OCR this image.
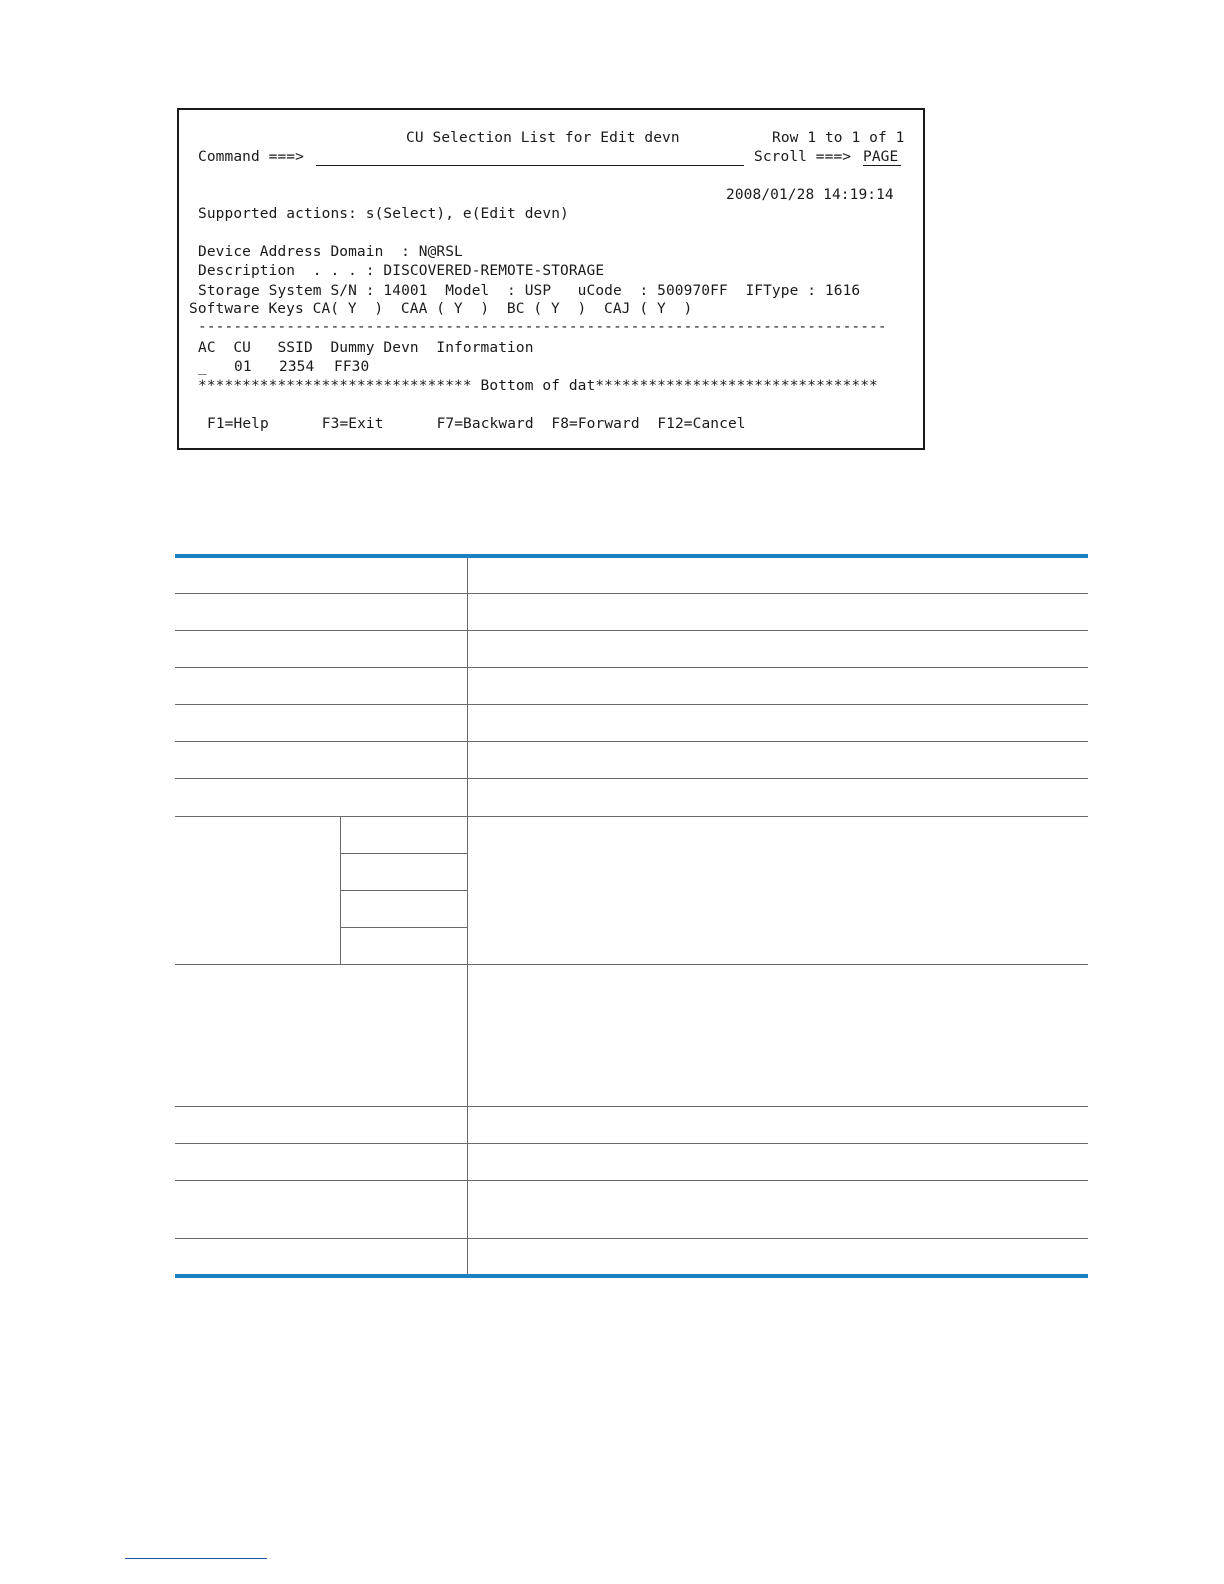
CU Selection List for Edit devn	Row 1 to 1 of 1
Command ===>	Scroll ===> PAGE
2008/01/28 14:19:14
Supported actions: s(Select), e(Edit devn)
Device Address Domain  : N@RSL
Description  . . . : DISCOVERED-REMOTE-STORAGE
Storage System S/N : 14001  Model  : USP   uCode  : 500970FF  IFType : 1616
Software Keys CA( Y  )  CAA ( Y  )  BC ( Y  )  CAJ ( Y  )
------------------------------------------------------------------------------
AC  CU   SSID  Dummy Devn  Information
_ 01 2354 FF30
******************************* Bottom of dat********************************
F1=Help      F3=Exit      F7=Backward  F8=Forward  F12=Cancel
